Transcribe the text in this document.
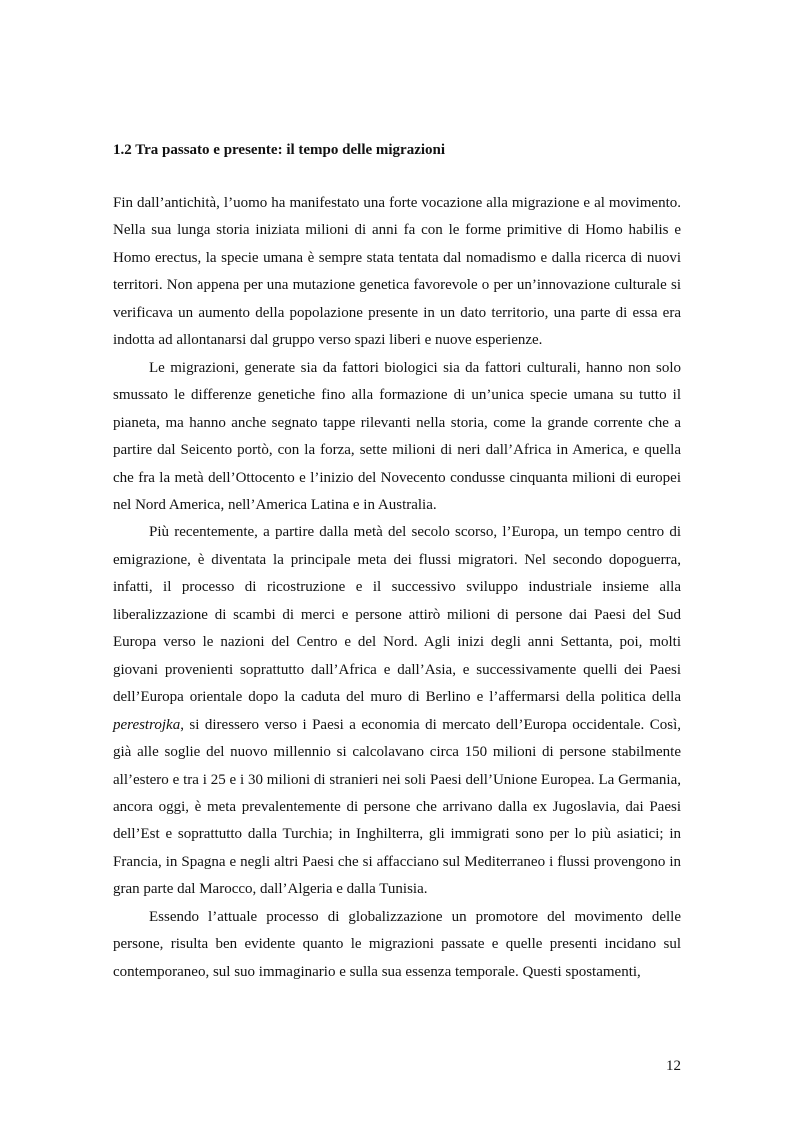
1.2 Tra passato e presente: il tempo delle migrazioni

Fin dall’antichità, l’uomo ha manifestato una forte vocazione alla migrazione e al movimento. Nella sua lunga storia iniziata milioni di anni fa con le forme primitive di Homo habilis e Homo erectus, la specie umana è sempre stata tentata dal nomadismo e dalla ricerca di nuovi territori. Non appena per una mutazione genetica favorevole o per un’innovazione culturale si verificava un aumento della popolazione presente in un dato territorio, una parte di essa era indotta ad allontanarsi dal gruppo verso spazi liberi e nuove esperienze.

Le migrazioni, generate sia da fattori biologici sia da fattori culturali, hanno non solo smussato le differenze genetiche fino alla formazione di un’unica specie umana su tutto il pianeta, ma hanno anche segnato tappe rilevanti nella storia, come la grande corrente che a partire dal Seicento portò, con la forza, sette milioni di neri dall’Africa in America, e quella che fra la metà dell’Ottocento e l’inizio del Novecento condusse cinquanta milioni di europei nel Nord America, nell’America Latina e in Australia.

Più recentemente, a partire dalla metà del secolo scorso, l’Europa, un tempo centro di emigrazione, è diventata la principale meta dei flussi migratori. Nel secondo dopoguerra, infatti, il processo di ricostruzione e il successivo sviluppo industriale insieme alla liberalizzazione di scambi di merci e persone attirò milioni di persone dai Paesi del Sud Europa verso le nazioni del Centro e del Nord. Agli inizi degli anni Settanta, poi, molti giovani provenienti soprattutto dall’Africa e dall’Asia, e successivamente quelli dei Paesi dell’Europa orientale dopo la caduta del muro di Berlino e l’affermarsi della politica della perestrojka, si diressero verso i Paesi a economia di mercato dell’Europa occidentale. Così, già alle soglie del nuovo millennio si calcolavano circa 150 milioni di persone stabilmente all’estero e tra i 25 e i 30 milioni di stranieri nei soli Paesi dell’Unione Europea. La Germania, ancora oggi, è meta prevalentemente di persone che arrivano dalla ex Jugoslavia, dai Paesi dell’Est e soprattutto dalla Turchia; in Inghilterra, gli immigrati sono per lo più asiatici; in Francia, in Spagna e negli altri Paesi che si affacciano sul Mediterraneo i flussi provengono in gran parte dal Marocco, dall’Algeria e dalla Tunisia.

Essendo l’attuale processo di globalizzazione un promotore del movimento delle persone, risulta ben evidente quanto le migrazioni passate e quelle presenti incidano sul contemporaneo, sul suo immaginario e sulla sua essenza temporale. Questi spostamenti,

12
